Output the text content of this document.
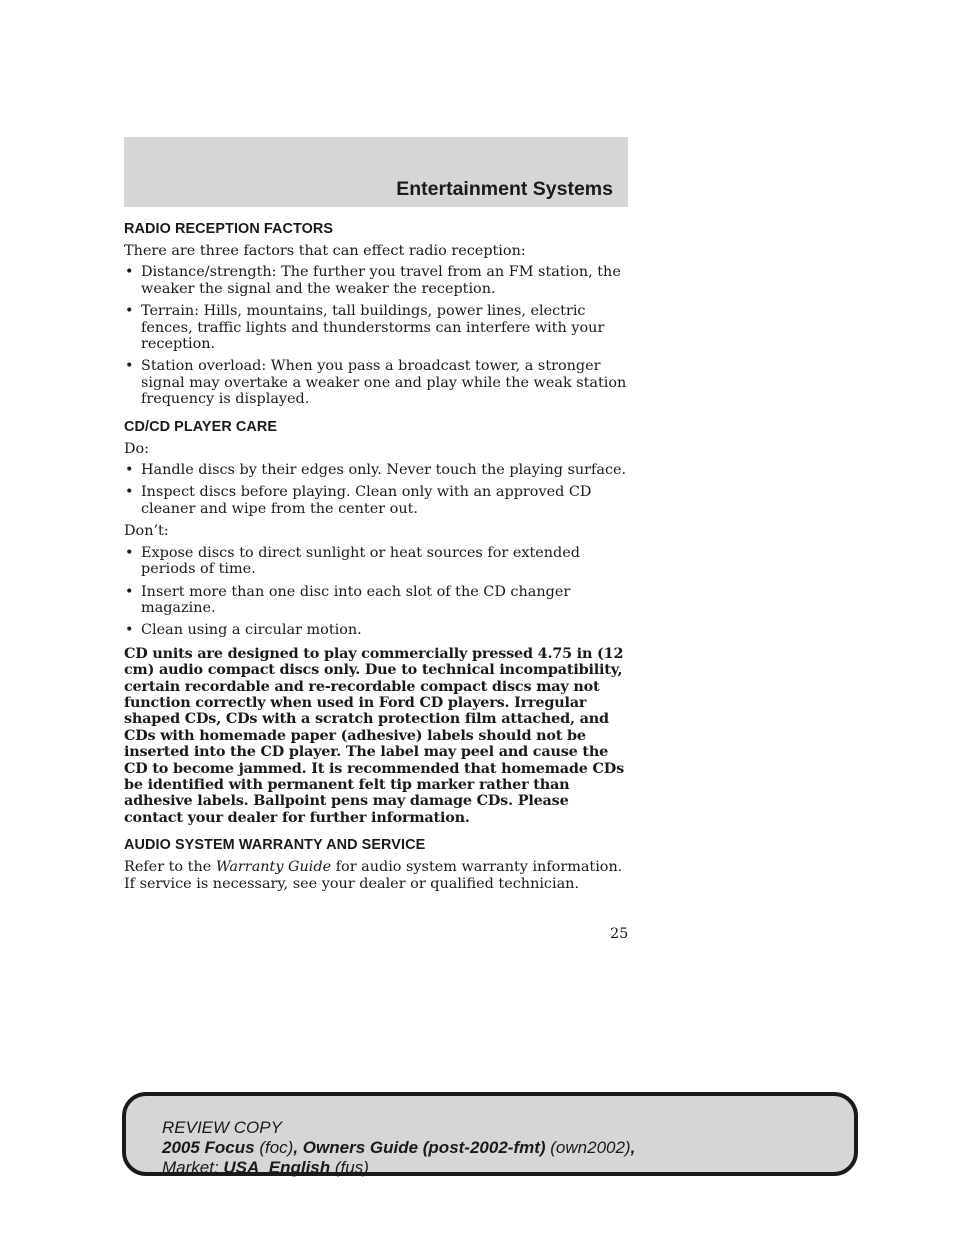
Entertainment Systems
RADIO RECEPTION FACTORS

There are three factors that can effect radio reception:

• Distance/strength: The further you travel from an FM station, the weaker the signal and the weaker the reception.
• Terrain: Hills, mountains, tall buildings, power lines, electric fences, traffic lights and thunderstorms can interfere with your reception.
• Station overload: When you pass a broadcast tower, a stronger signal may overtake a weaker one and play while the weak station frequency is displayed.
CD/CD PLAYER CARE

Do:

• Handle discs by their edges only. Never touch the playing surface.
• Inspect discs before playing. Clean only with an approved CD cleaner and wipe from the center out.

Don’t:

• Expose discs to direct sunlight or heat sources for extended periods of time.
• Insert more than one disc into each slot of the CD changer magazine.
• Clean using a circular motion.

CD units are designed to play commercially pressed 4.75 in (12 cm) audio compact discs only. Due to technical incompatibility, certain recordable and re-recordable compact discs may not function correctly when used in Ford CD players. Irregular shaped CDs, CDs with a scratch protection film attached, and CDs with homemade paper (adhesive) labels should not be inserted into the CD player. The label may peel and cause the CD to become jammed. It is recommended that homemade CDs be identified with permanent felt tip marker rather than adhesive labels. Ballpoint pens may damage CDs. Please contact your dealer for further information.

AUDIO SYSTEM WARRANTY AND SERVICE

Refer to the Warranty Guide for audio system warranty information. If service is necessary, see your dealer or qualified technician.

25
REVIEW COPY
2005 Focus (foc), Owners Guide (post-2002-fmt) (own2002),
Market: USA_English (fus)
